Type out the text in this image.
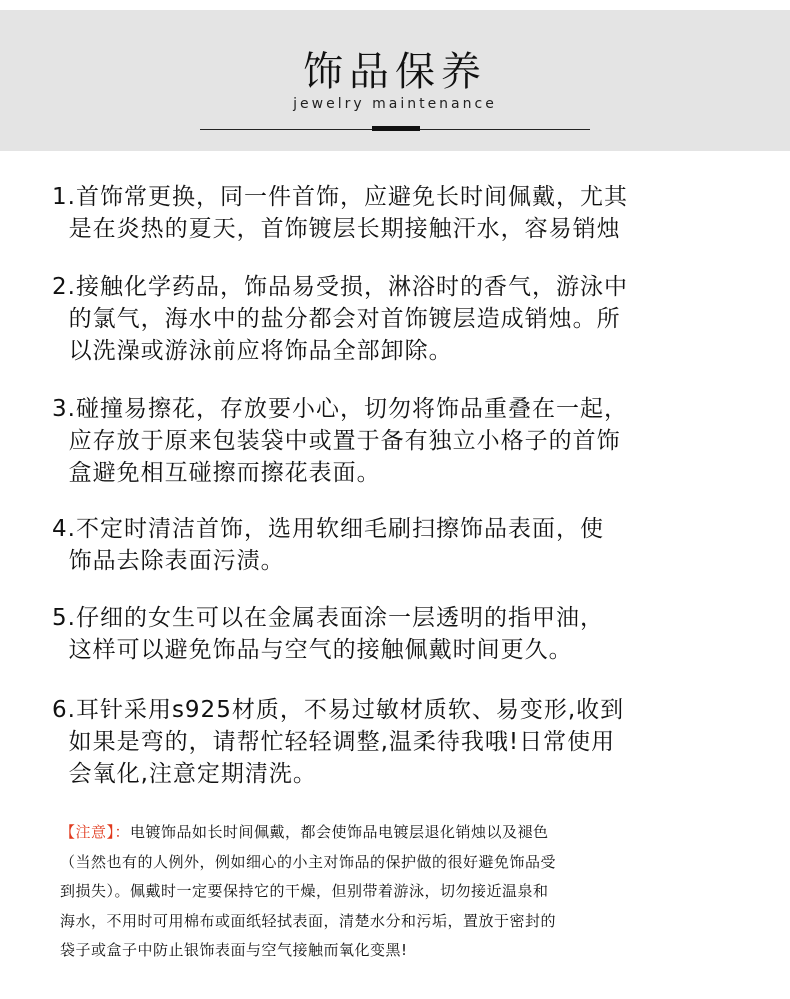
饰品保养
jewelry maintenance
1.首饰常更换，同一件首饰，应避免长时间佩戴，尤其
是在炎热的夏天，首饰镀层长期接触汗水，容易销烛
2.接触化学药品，饰品易受损，淋浴时的香气，游泳中
的氯气，海水中的盐分都会对首饰镀层造成销烛。所
以洗澡或游泳前应将饰品全部卸除。
3.碰撞易擦花，存放要小心，切勿将饰品重叠在一起，
应存放于原来包装袋中或置于备有独立小格子的首饰
盒避免相互碰擦而擦花表面。
4.不定时清洁首饰，选用软细毛刷扫擦饰品表面，使
饰品去除表面污渍。
5.仔细的女生可以在金属表面涂一层透明的指甲油，
这样可以避免饰品与空气的接触佩戴时间更久。
6.耳针采用s925材质，不易过敏材质软、易变形,收到
如果是弯的，请帮忙轻轻调整,温柔待我哦!日常使用
会氧化,注意定期清洗。
【注意】：电镀饰品如长时间佩戴，都会使饰品电镀层退化销烛以及褪色
（当然也有的人例外，例如细心的小主对饰品的保护做的很好避免饰品受
到损失）。佩戴时一定要保持它的干燥，但别带着游泳，切勿接近温泉和
海水，不用时可用棉布或面纸轻拭表面，清楚水分和污垢，置放于密封的
袋子或盒子中防止银饰表面与空气接触而氧化变黑!
